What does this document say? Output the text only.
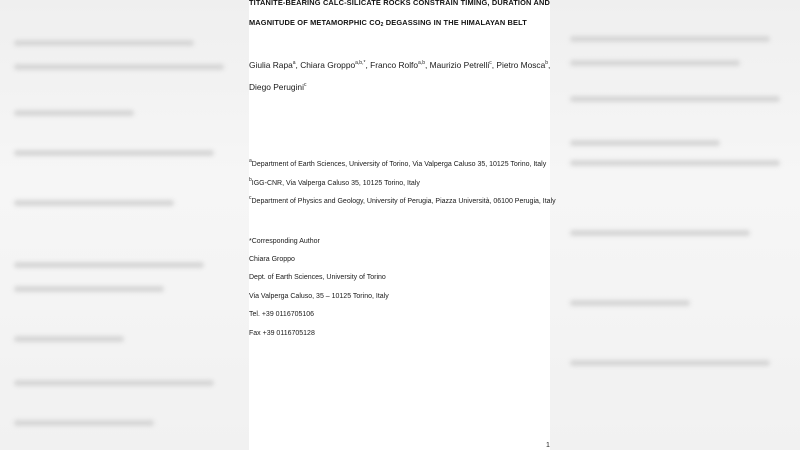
TITANITE-BEARING CALC-SILICATE ROCKS CONSTRAIN TIMING, DURATION AND
MAGNITUDE OF METAMORPHIC $CO_2$ DEGASSING IN THE HIMALAYAN BELT
Giulia Rapa$^a$, Chiara Groppo$^{a,b,*}$, Franco Rolfo$^{a,b}$, Maurizio Petrelli$^c$, Pietro Mosca$^b$,
Diego Perugini$^c$
$^a$Department of Earth Sciences, University of Torino, Via Valperga Caluso 35, 10125 Torino, Italy
$^b$IGG-CNR, Via Valperga Caluso 35, 10125 Torino, Italy
$^c$Department of Physics and Geology, University of Perugia, Piazza Università, 06100 Perugia, Italy
*Corresponding Author
Chiara Groppo
Dept. of Earth Sciences, University of Torino
Via Valperga Caluso, 35 – 10125 Torino, Italy
Tel. +39 0116705106
Fax +39 0116705128
1
